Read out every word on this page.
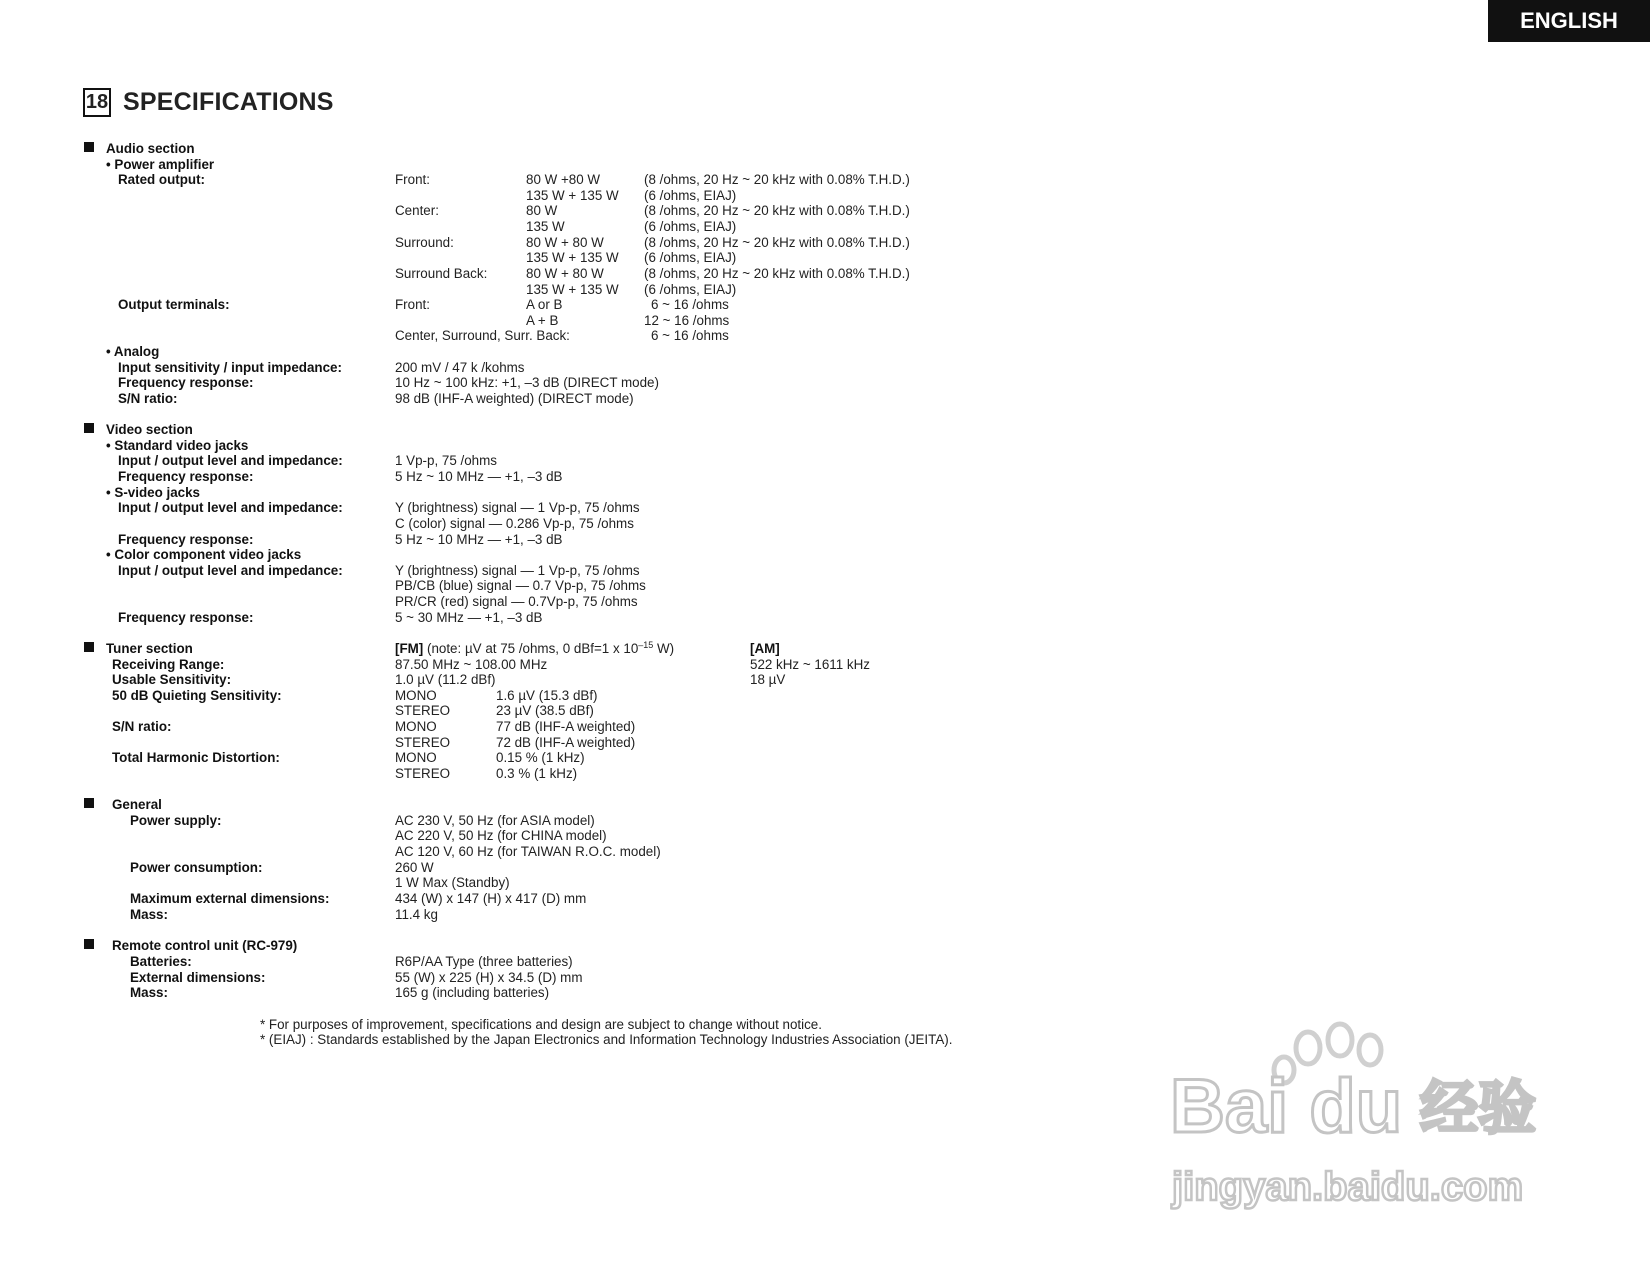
ENGLISH
18 SPECIFICATIONS
Audio section
• Power amplifier
Rated output:	Front:	80 W +80 W	(8 /ohms, 20 Hz ~ 20 kHz with 0.08% T.H.D.)
135 W + 135 W (6 /ohms, EIAJ)
Center:	80 W	(8 /ohms, 20 Hz ~ 20 kHz with 0.08% T.H.D.)
135 W	(6 /ohms, EIAJ)
Surround:	80 W + 80 W	(8 /ohms, 20 Hz ~ 20 kHz with 0.08% T.H.D.)
135 W + 135 W (6 /ohms, EIAJ)
Surround Back:	80 W + 80 W	(8 /ohms, 20 Hz ~ 20 kHz with 0.08% T.H.D.)
135 W + 135 W (6 /ohms, EIAJ)
Output terminals:	Front:	A or B	6 ~ 16 /ohms
A + B	12 ~ 16 /ohms
Center, Surround, Surr. Back:	6 ~ 16 /ohms
• Analog
Input sensitivity / input impedance:	200 mV / 47 k /kohms
Frequency response:	10 Hz ~ 100 kHz: +1, –3 dB (DIRECT mode)
S/N ratio:	98 dB (IHF-A weighted) (DIRECT mode)
Video section
• Standard video jacks
Input / output level and impedance:	1 Vp-p, 75 /ohms
Frequency response:	5 Hz ~ 10 MHz — +1, –3 dB
• S-video jacks
Input / output level and impedance:	Y (brightness) signal — 1 Vp-p, 75 /ohms
C (color) signal — 0.286 Vp-p, 75 /ohms
Frequency response:	5 Hz ~ 10 MHz — +1, –3 dB
• Color component video jacks
Input / output level and impedance:	Y (brightness) signal — 1 Vp-p, 75 /ohms
PB/CB (blue) signal — 0.7 Vp-p, 75 /ohms
PR/CR (red) signal — 0.7Vp-p, 75 /ohms
Frequency response:	5 ~ 30 MHz — +1, –3 dB
Tuner section	[FM] (note: µV at 75 /ohms, 0 dBf=1 x $10^{-15}$ W)	[AM]
Receiving Range:	87.50 MHz ~ 108.00 MHz	522 kHz ~ 1611 kHz
Usable Sensitivity:	1.0 µV (11.2 dBf)	18 µV
50 dB Quieting Sensitivity:	MONO	1.6 µV (15.3 dBf)
STEREO	23 µV (38.5 dBf)
S/N ratio:	MONO	77 dB (IHF-A weighted)
STEREO	72 dB (IHF-A weighted)
Total Harmonic Distortion:	MONO	0.15 % (1 kHz)
STEREO	0.3 % (1 kHz)
General
Power supply:	AC 230 V, 50 Hz (for ASIA model)
AC 220 V, 50 Hz (for CHINA model)
AC 120 V, 60 Hz (for TAIWAN R.O.C. model)
Power consumption:	260 W
1 W Max (Standby)
Maximum external dimensions:	434 (W) x 147 (H) x 417 (D) mm
Mass:	11.4 kg
Remote control unit (RC-979)
Batteries:	R6P/AA Type (three batteries)
External dimensions:	55 (W) x 225 (H) x 34.5 (D) mm
Mass:	165 g (including batteries)
* For purposes of improvement, specifications and design are subject to change without notice.
* (EIAJ) : Standards established by the Japan Electronics and Information Technology Industries Association (JEITA).
Bai du 经验
jingyan.baidu.com
